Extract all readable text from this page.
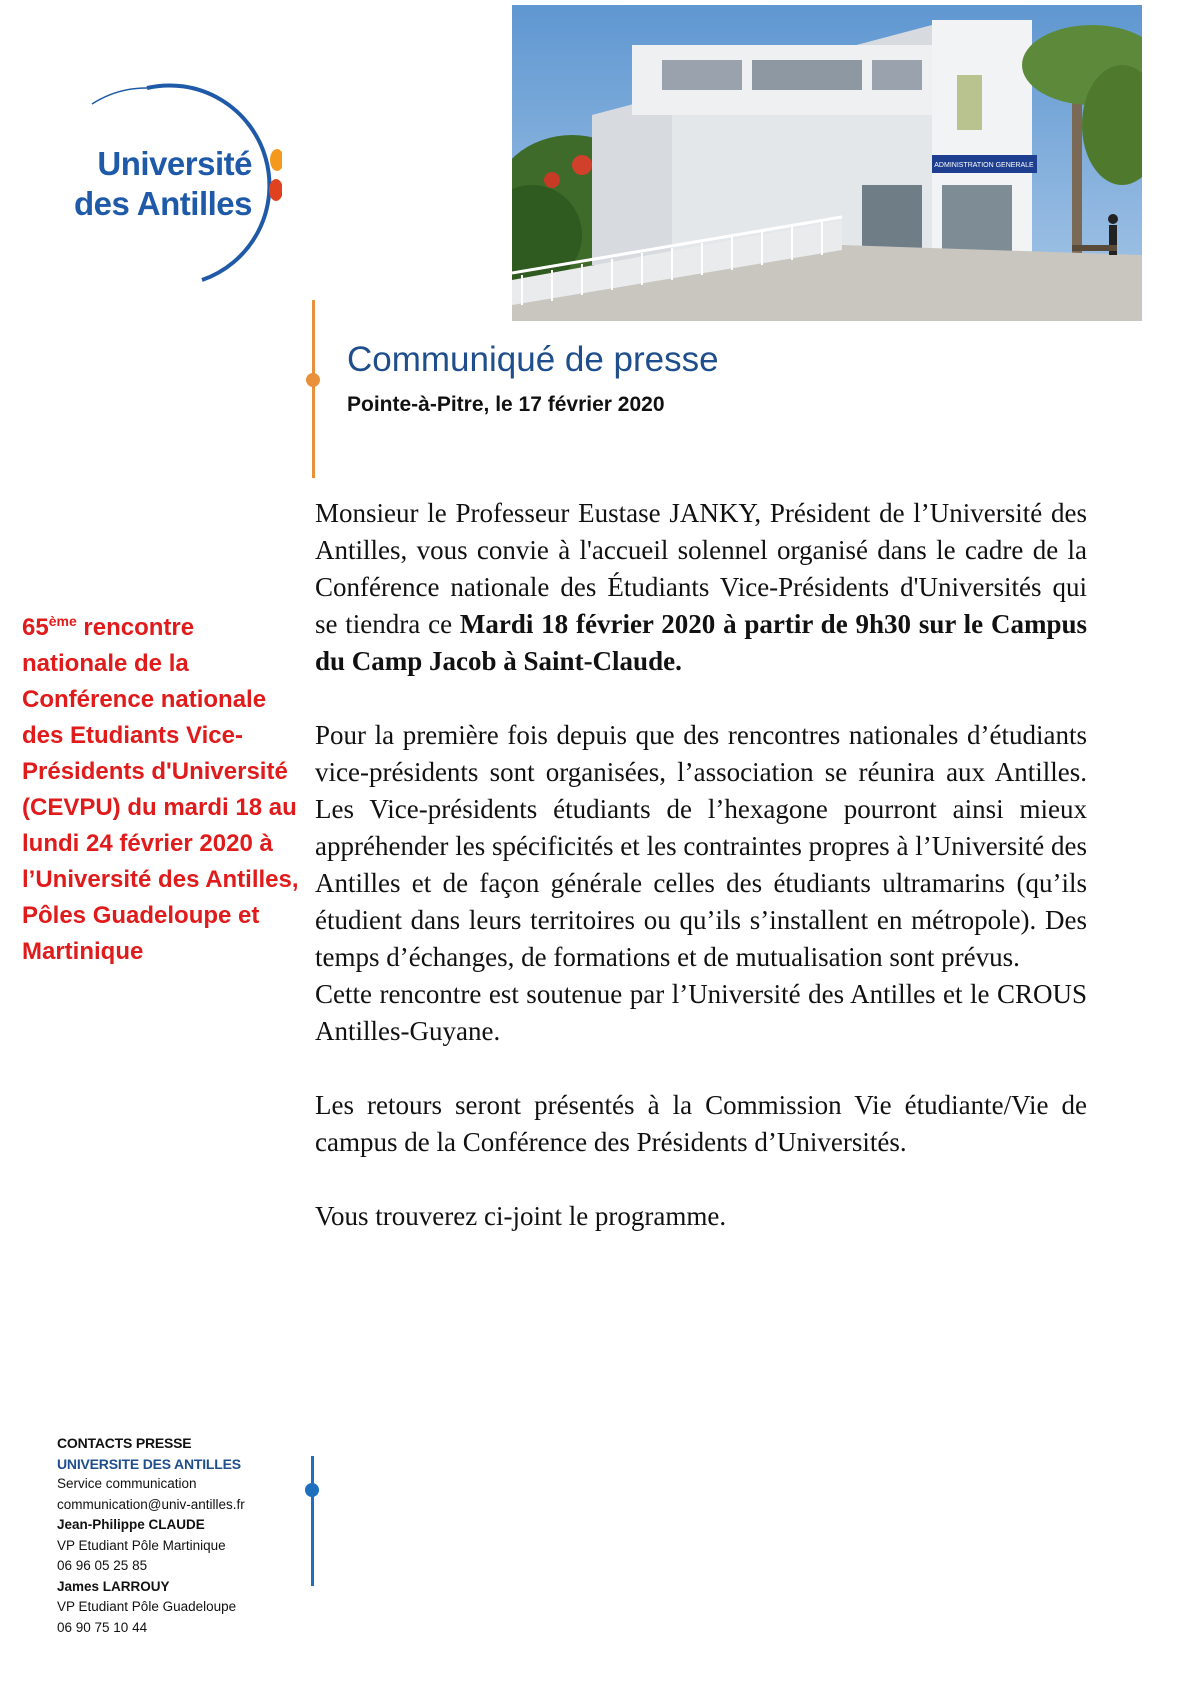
Université
des Antilles
ADMINISTRATION GENERALE
Communiqué de presse
Pointe-à-Pitre, le 17 février 2020
65ème rencontre nationale de la Conférence nationale des Etudiants Vice-Présidents d'Université (CEVPU) du mardi 18 au lundi 24 février 2020 à l’Université des Antilles, Pôles Guadeloupe et Martinique

Monsieur le Professeur Eustase JANKY, Président de l’Université des Antilles, vous convie à l'accueil solennel organisé dans le cadre de la Conférence nationale des Étudiants Vice-Présidents d'Universités qui se tiendra ce Mardi 18 février 2020 à partir de 9h30 sur le Campus du Camp Jacob à Saint-Claude.

Pour la première fois depuis que des rencontres nationales d’étudiants vice-présidents sont organisées, l’association se réunira aux Antilles. Les Vice-présidents étudiants de l’hexagone pourront ainsi mieux appréhender les spécificités et les contraintes propres à l’Université des Antilles et de façon générale celles des étudiants ultramarins (qu’ils étudient dans leurs territoires ou qu’ils s’installent en métropole). Des temps d’échanges, de formations et de mutualisation sont prévus.

Cette rencontre est soutenue par l’Université des Antilles et le CROUS Antilles-Guyane.

Les retours seront présentés à la Commission Vie étudiante/Vie de campus de la Conférence des Présidents d’Universités.

Vous trouverez ci-joint le programme.

CONTACTS PRESSE
UNIVERSITE DES ANTILLES
Service communication
communication@univ-antilles.fr
Jean-Philippe CLAUDE
VP Etudiant Pôle Martinique
06 96 05 25 85
James LARROUY
VP Etudiant Pôle Guadeloupe
06 90 75 10 44
